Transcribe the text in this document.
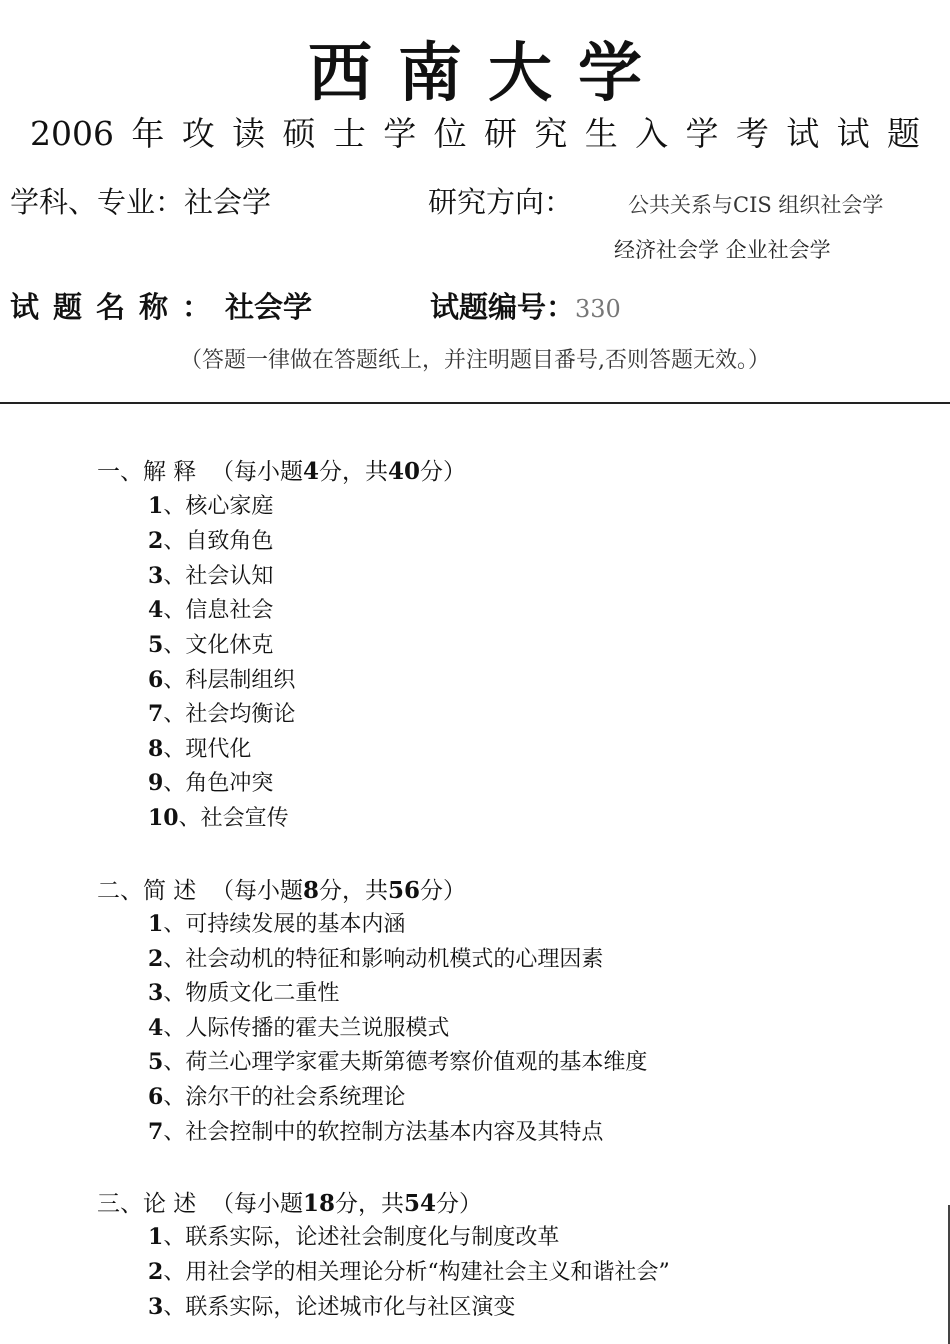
西南大学
2006年攻读硕士学位研究生入学考试试题
学科、专业：社会学	研究方向：	公共关系与CIS 组织社会学
经济社会学 企业社会学
试题名称：社会学	试题编号：330
（答题一律做在答题纸上，并注明题目番号,否则答题无效。）
一、解 释 （每小题4分，共40分）
1、核心家庭
2、自致角色
3、社会认知
4、信息社会
5、文化休克
6、科层制组织
7、社会均衡论
8、现代化
9、角色冲突
10、社会宣传
二、简 述 （每小题8分，共56分）
1、可持续发展的基本内涵
2、社会动机的特征和影响动机模式的心理因素
3、物质文化二重性
4、人际传播的霍夫兰说服模式
5、荷兰心理学家霍夫斯第德考察价值观的基本维度
6、涂尔干的社会系统理论
7、社会控制中的软控制方法基本内容及其特点
三、论 述 （每小题18分，共54分）
1、联系实际，论述社会制度化与制度改革
2、用社会学的相关理论分析“构建社会主义和谐社会”
3、联系实际，论述城市化与社区演变
